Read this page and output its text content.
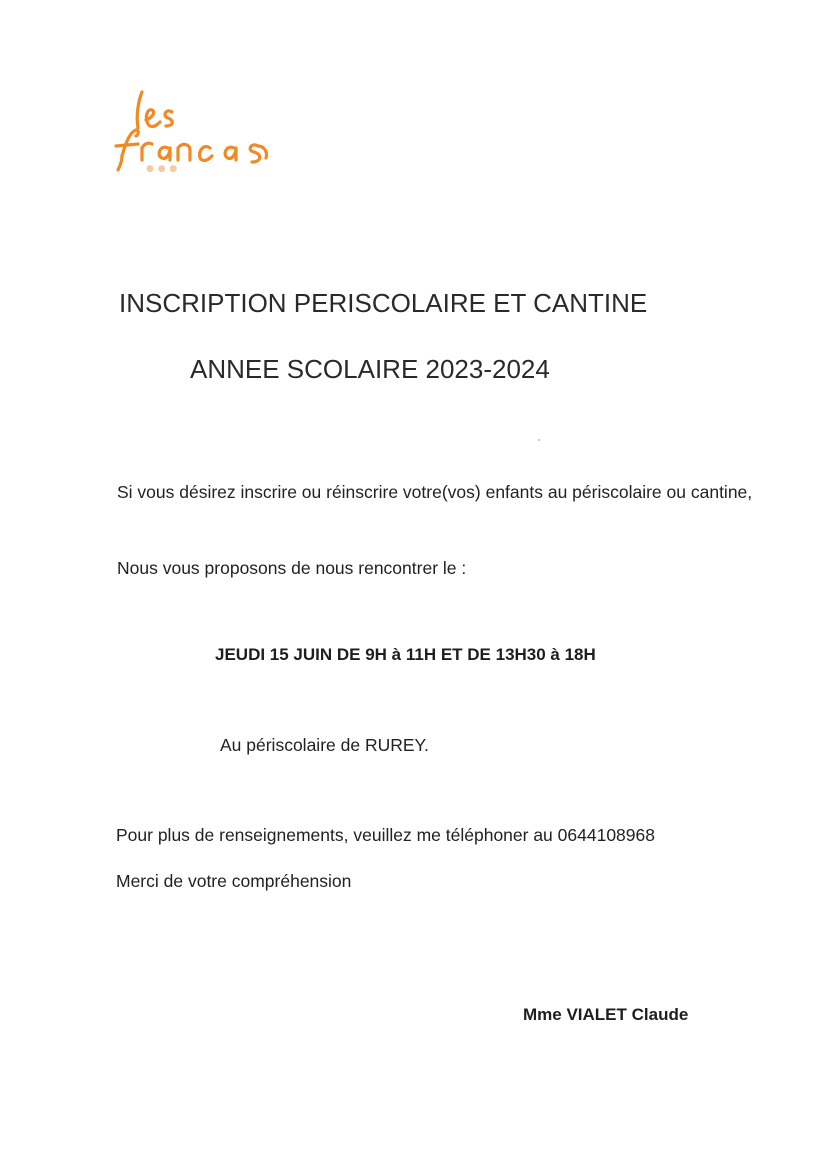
● ● ●
INSCRIPTION PERISCOLAIRE ET CANTINE
ANNEE SCOLAIRE 2023-2024

Si vous désirez inscrire ou réinscrire votre(vos) enfants au périscolaire ou cantine,

Nous vous proposons de nous rencontrer le :

JEUDI 15 JUIN DE 9H à 11H ET DE 13H30 à 18H

Au périscolaire de RUREY.

Pour plus de renseignements, veuillez me téléphoner au 0644108968

Merci de votre compréhension

Mme VIALET Claude
